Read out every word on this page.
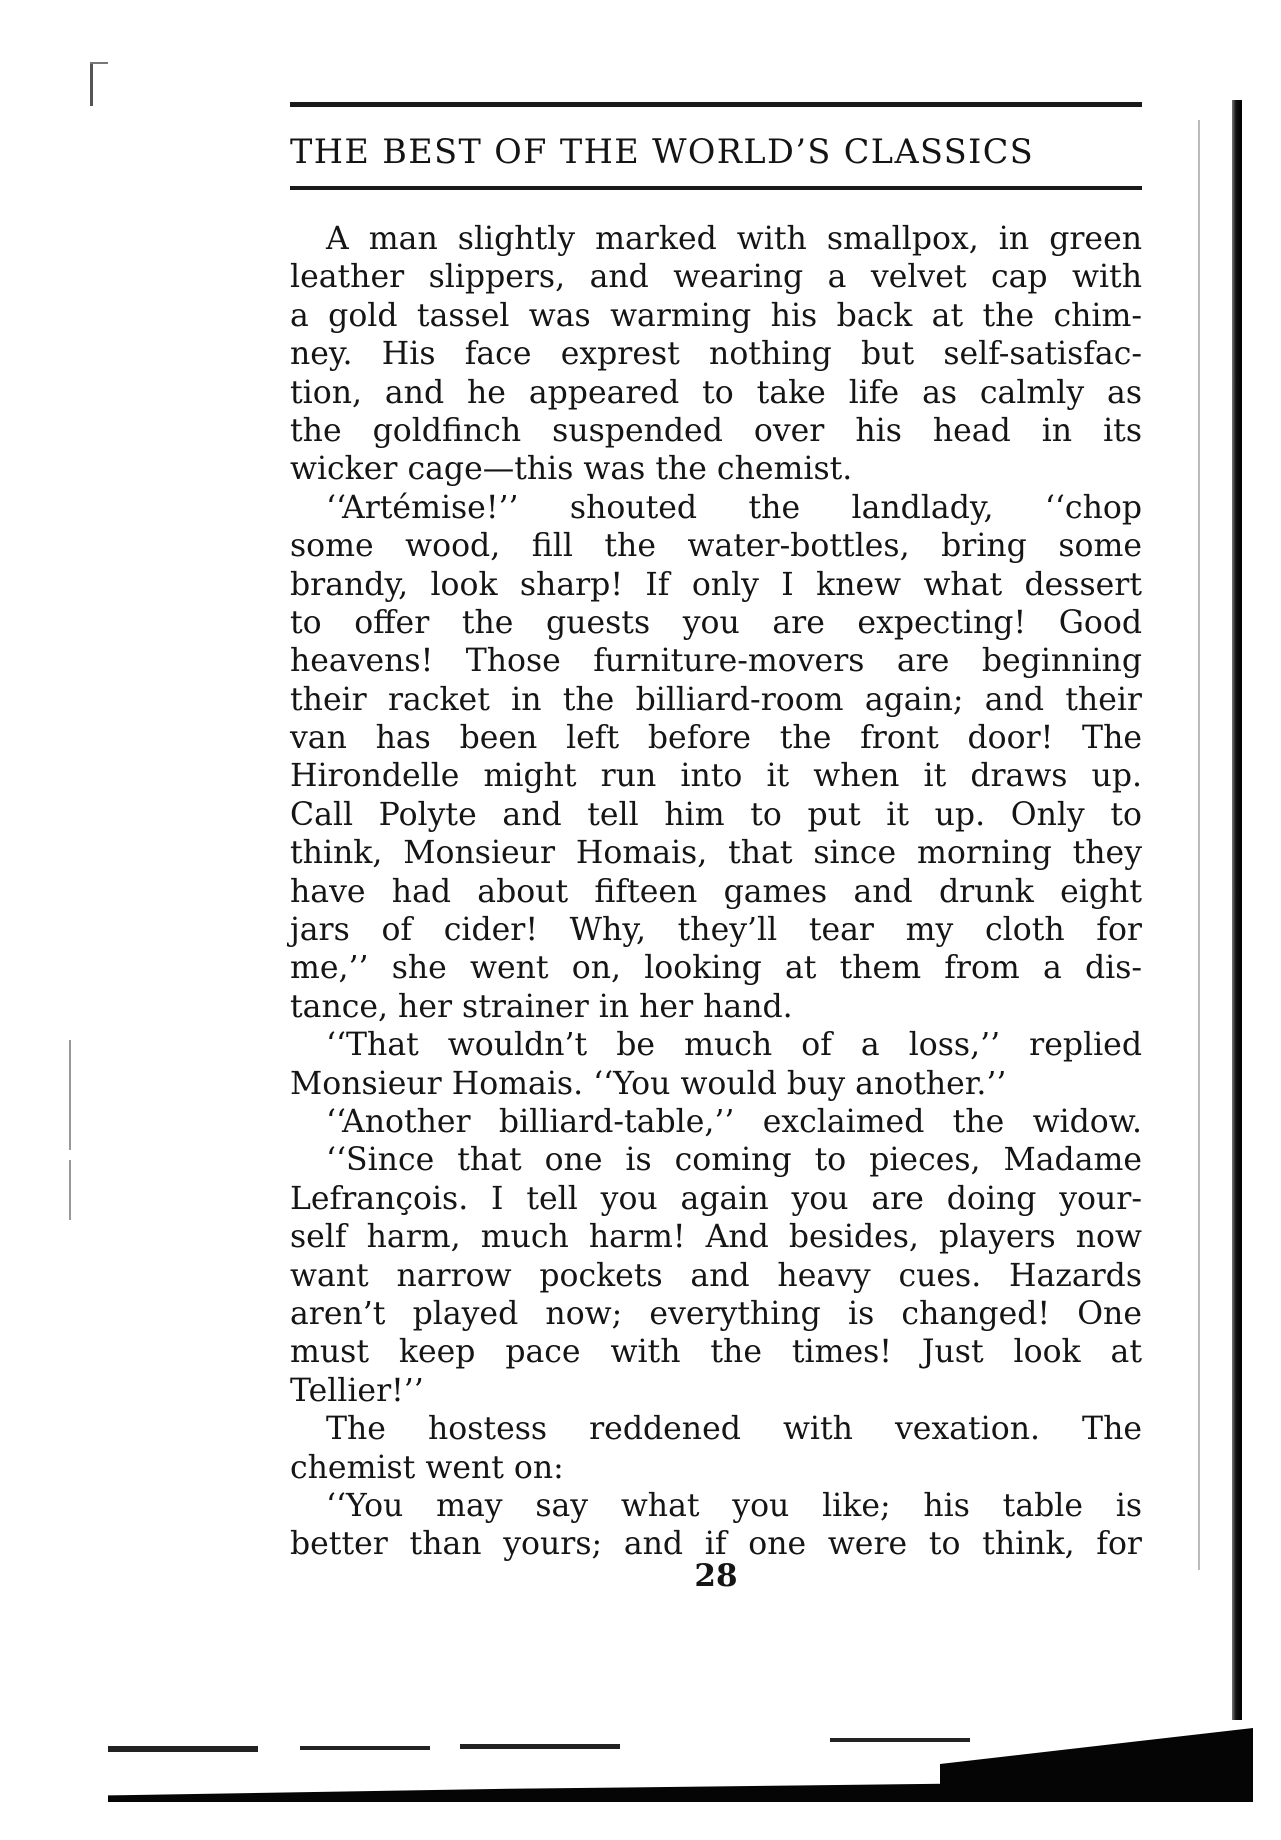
THE BEST OF THE WORLD’S CLASSICS
A man slightly marked with smallpox, in green
leather slippers, and wearing a velvet cap with
a gold tassel was warming his back at the chim-
ney. His face exprest nothing but self-satisfac-
tion, and he appeared to take life as calmly as
the goldfinch suspended over his head in its
wicker cage—this was the chemist.
‘‘Artémise!’’ shouted the landlady, ‘‘chop
some wood, fill the water-bottles, bring some
brandy, look sharp! If only I knew what dessert
to offer the guests you are expecting! Good
heavens! Those furniture-movers are beginning
their racket in the billiard-room again; and their
van has been left before the front door! The
Hirondelle might run into it when it draws up.
Call Polyte and tell him to put it up. Only to
think, Monsieur Homais, that since morning they
have had about fifteen games and drunk eight
jars of cider! Why, they’ll tear my cloth for
me,’’ she went on, looking at them from a dis-
tance, her strainer in her hand.
‘‘That wouldn’t be much of a loss,’’ replied
Monsieur Homais. ‘‘You would buy another.’’
‘‘Another billiard-table,’’ exclaimed the widow.
‘‘Since that one is coming to pieces, Madame
Lefrançois. I tell you again you are doing your-
self harm, much harm! And besides, players now
want narrow pockets and heavy cues. Hazards
aren’t played now; everything is changed! One
must keep pace with the times! Just look at
Tellier!’’
The hostess reddened with vexation. The
chemist went on:
‘‘You may say what you like; his table is
better than yours; and if one were to think, for
28
